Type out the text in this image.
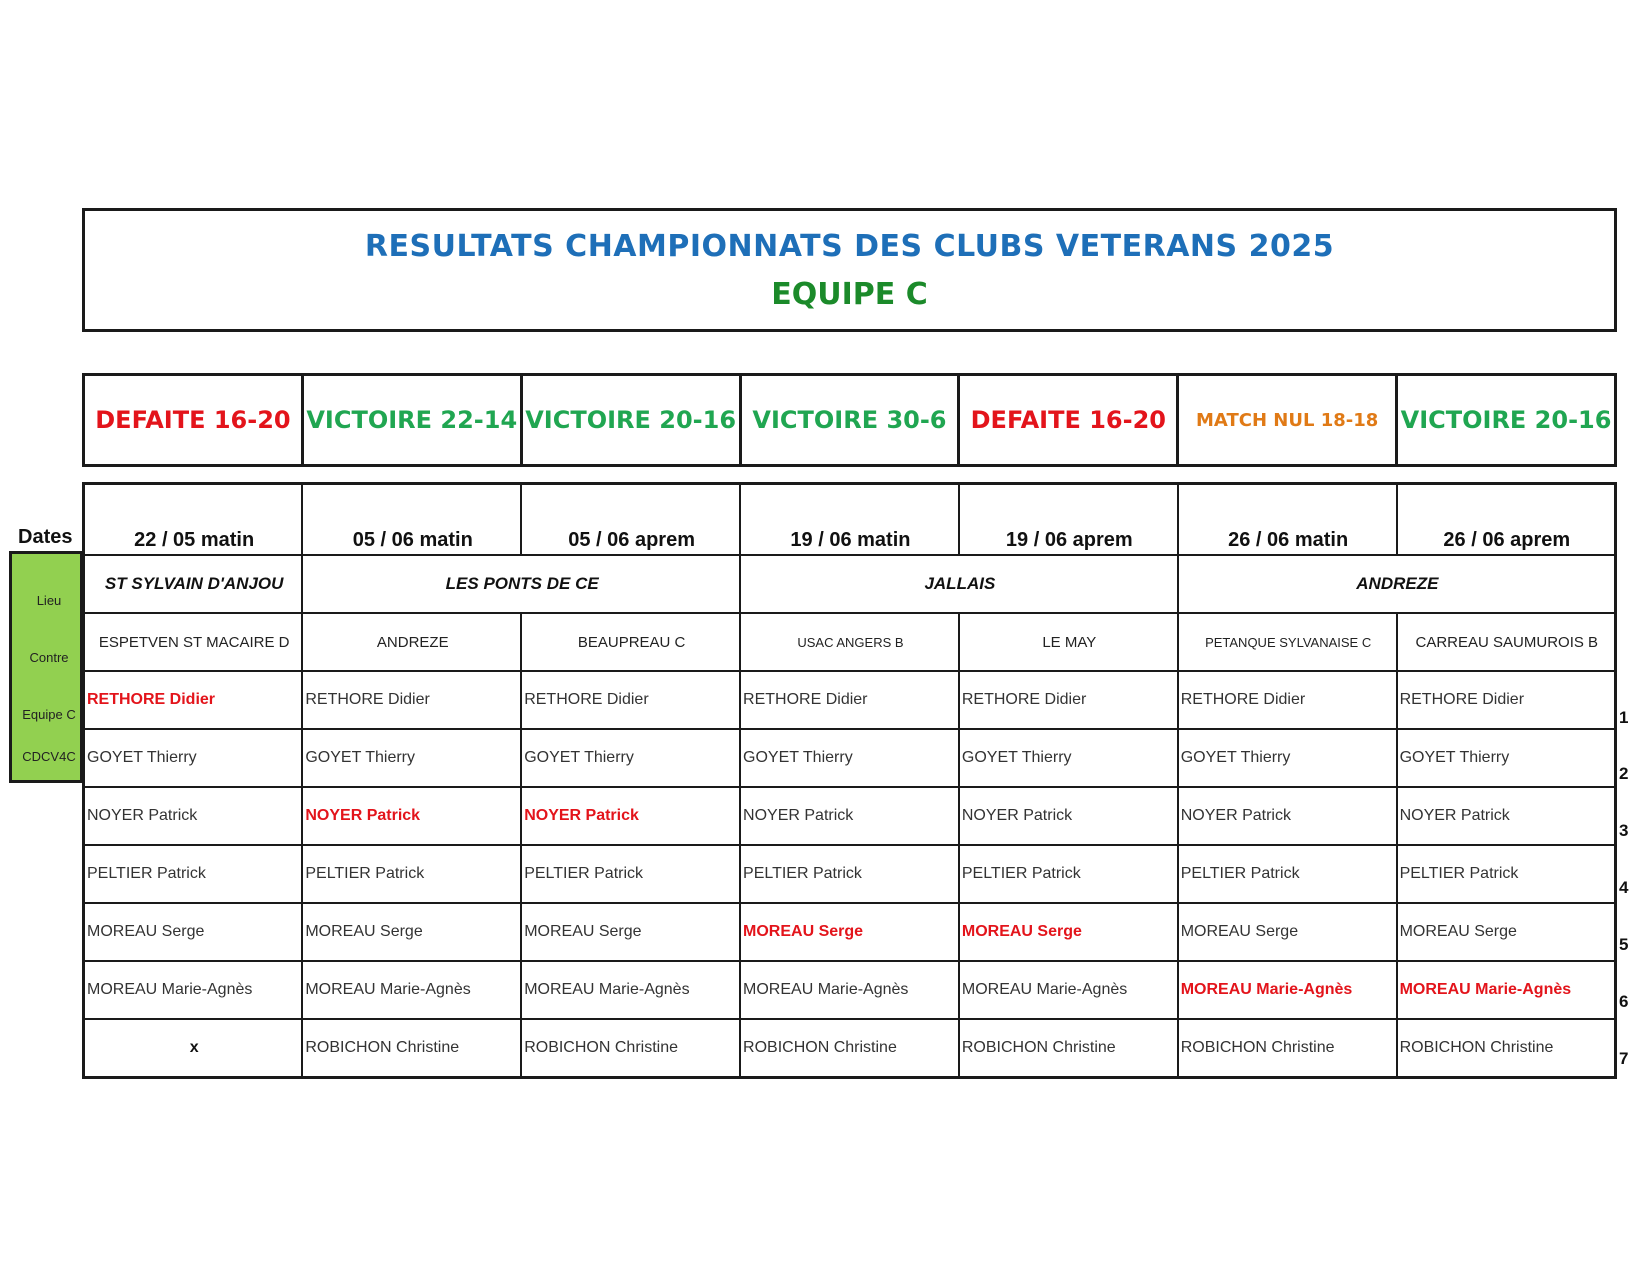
RESULTATS CHAMPIONNATS DES CLUBS VETERANS 2025
EQUIPE C
DEFAITE 16-20	VICTOIRE 22-14	VICTOIRE 20-16	VICTOIRE 30-6	DEFAITE 16-20	MATCH NUL 18-18	VICTOIRE 20-16
Dates
Lieu
Contre
Equipe C
CDCV4C
22 / 05 matin	05 / 06 matin	05 / 06 aprem	19 / 06 matin	19 / 06 aprem	26 / 06 matin	26 / 06 aprem
ST SYLVAIN D'ANJOU	LES PONTS DE CE		JALLAIS		ANDREZE	
ESPETVEN ST MACAIRE D	ANDREZE	BEAUPREAU C	USAC ANGERS B	LE MAY	PETANQUE SYLVANAISE C	CARREAU SAUMUROIS B
RETHORE Didier	RETHORE Didier	RETHORE Didier	RETHORE Didier	RETHORE Didier	RETHORE Didier	RETHORE Didier
GOYET Thierry	GOYET Thierry	GOYET Thierry	GOYET Thierry	GOYET Thierry	GOYET Thierry	GOYET Thierry
NOYER Patrick	NOYER Patrick	NOYER Patrick	NOYER Patrick	NOYER Patrick	NOYER Patrick	NOYER Patrick
PELTIER Patrick	PELTIER Patrick	PELTIER Patrick	PELTIER Patrick	PELTIER Patrick	PELTIER Patrick	PELTIER Patrick
MOREAU Serge	MOREAU Serge	MOREAU Serge	MOREAU Serge	MOREAU Serge	MOREAU Serge	MOREAU Serge
MOREAU Marie-Agnès	MOREAU Marie-Agnès	MOREAU Marie-Agnès	MOREAU Marie-Agnès	MOREAU Marie-Agnès	MOREAU Marie-Agnès	MOREAU Marie-Agnès
x	ROBICHON Christine	ROBICHON Christine	ROBICHON Christine	ROBICHON Christine	ROBICHON Christine	ROBICHON Christine
1
2
3
4
5
6
7
